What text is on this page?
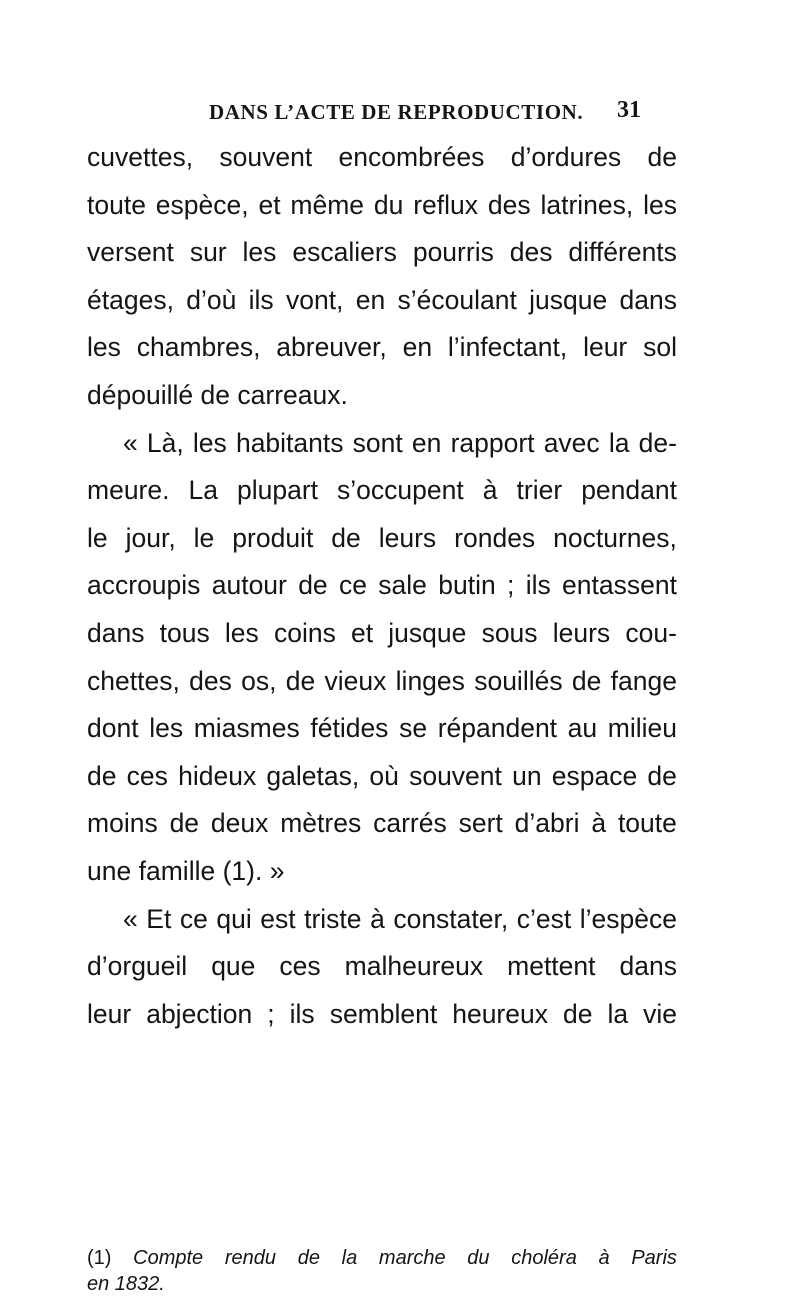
DANS L’ACTE DE REPRODUCTION. 31
cuvettes, souvent encombrées d’ordures de
toute espèce, et même du reflux des latrines, les
versent sur les escaliers pourris des différents
étages, d’où ils vont, en s’écoulant jusque dans
les chambres, abreuver, en l’infectant, leur sol
dépouillé de carreaux.
« Là, les habitants sont en rapport avec la de-
meure. La plupart s’occupent à trier pendant
le jour, le produit de leurs rondes nocturnes,
accroupis autour de ce sale butin ; ils entassent
dans tous les coins et jusque sous leurs cou-
chettes, des os, de vieux linges souillés de fange
dont les miasmes fétides se répandent au milieu
de ces hideux galetas, où souvent un espace de
moins de deux mètres carrés sert d’abri à toute
une famille (1). »
« Et ce qui est triste à constater, c’est l’espèce
d’orgueil que ces malheureux mettent dans
leur abjection ; ils semblent heureux de la vie
(1) Compte rendu de la marche du choléra à Paris
en 1832.
